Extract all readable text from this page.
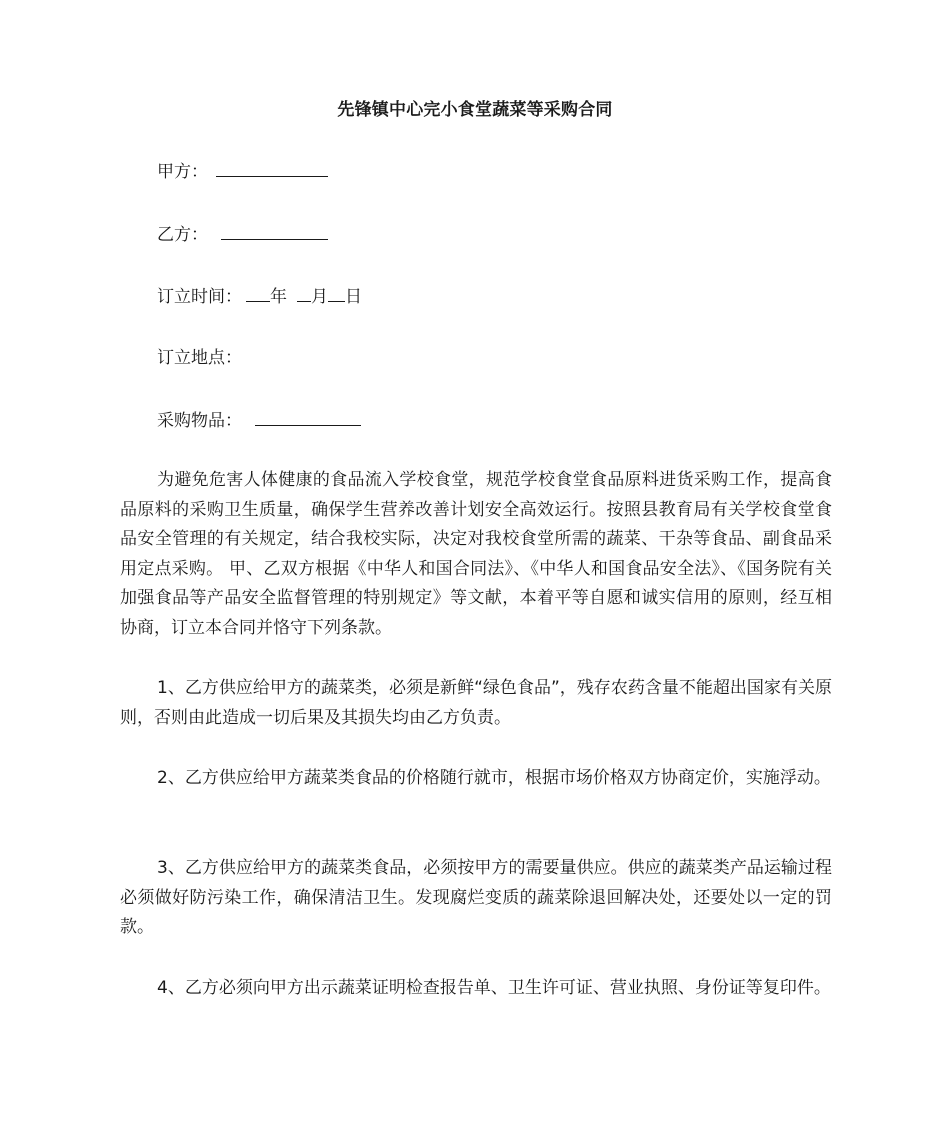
先锋镇中心完小食堂蔬菜等采购合同
甲方：
乙方：
订立时间： 年 月 日
订立地点：
采购物品：

为避免危害人体健康的食品流入学校食堂，规范学校食堂食品原料进货采购工作，提高食品原料的采购卫生质量，确保学生营养改善计划安全高效运行。按照县教育局有关学校食堂食品安全管理的有关规定，结合我校实际，决定对我校食堂所需的蔬菜、干杂等食品、副食品采用定点采购。 甲、乙双方根据《中华人和国合同法》、《中华人和国食品安全法》、《国务院有关加强食品等产品安全监督管理的特别规定》等文献，本着平等自愿和诚实信用的原则，经互相协商，订立本合同并恪守下列条款。

1、乙方供应给甲方的蔬菜类，必须是新鲜“绿色食品”，残存农药含量不能超出国家有关原则，否则由此造成一切后果及其损失均由乙方负责。

2、乙方供应给甲方蔬菜类食品的价格随行就市，根据市场价格双方协商定价，实施浮动。

3、乙方供应给甲方的蔬菜类食品，必须按甲方的需要量供应。供应的蔬菜类产品运输过程必须做好防污染工作，确保清洁卫生。发现腐烂变质的蔬菜除退回解决处，还要处以一定的罚款。

4、乙方必须向甲方出示蔬菜证明检查报告单、卫生许可证、营业执照、身份证等复印件。
